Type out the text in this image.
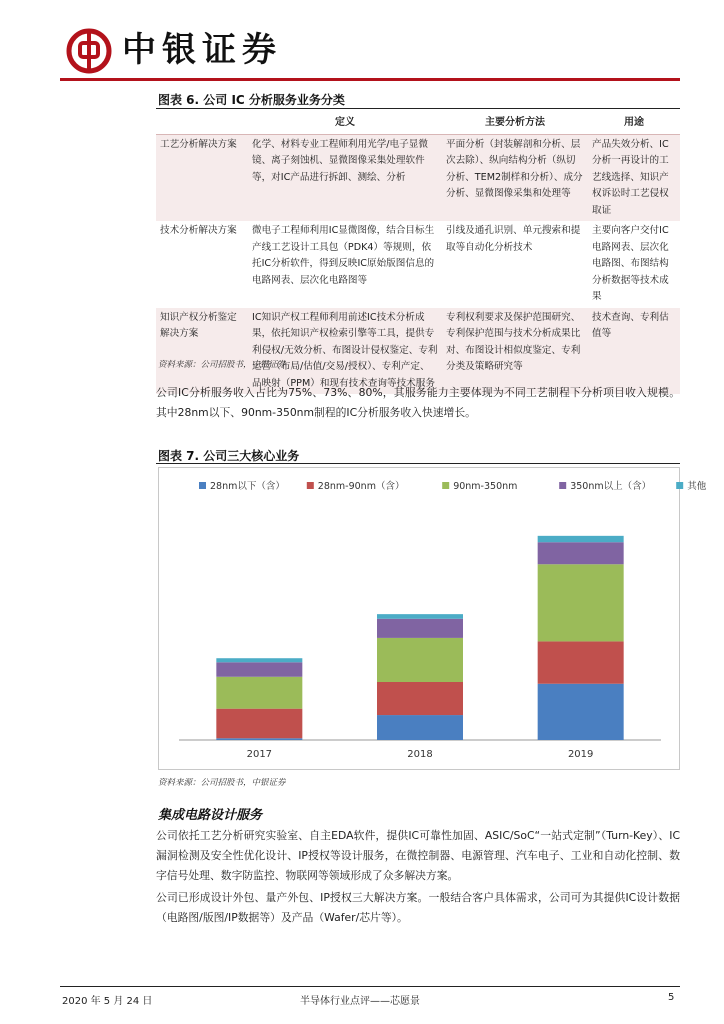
中银证券
图表 6. 公司 IC 分析服务业务分类
	定义	主要分析方法	用途
工艺分析解决方案	化学、材料专业工程师利用光学/电子显微镜、离子刻蚀机、显微图像采集处理软件等，对IC产品进行拆卸、测绘、分析	平面分析（封装解剖和分析、层次去除）、纵向结构分析（纵切分析、TEM2制样和分析）、成分分析、显微图像采集和处理等	产品失效分析、IC分析一再设计的工艺线选择、知识产权诉讼时工艺侵权取证
技术分析解决方案	微电子工程师利用IC显微图像，结合目标生产线工艺设计工具包（PDK4）等规则，依托IC分析软件，得到反映IC原始版图信息的电路网表、层次化电路图等	引线及通孔识别、单元搜索和提取等自动化分析技术	主要向客户交付IC电路网表、层次化电路图、布图结构分析数据等技术成果
知识产权分析鉴定解决方案	IC知识产权工程师利用前述IC技术分析成果，依托知识产权检索引擎等工具，提供专利侵权/无效分析、布图设计侵权鉴定、专利运营（布局/估值/交易/授权）、专利产定、品映射（PPM）和现有技术查询等技术服务	专利权利要求及保护范围研究、专利保护范围与技术分析成果比对、布图设计相似度鉴定、专利分类及策略研究等	技术查询、专利估值等
资料来源：公司招股书，中银证券
公司IC分析服务收入占比为75%、73%、80%，其服务能力主要体现为不同工艺制程下分析项目收入规模。其中28nm以下、90nm-350nm制程的IC分析服务收入快速增长。
图表 7. 公司三大核心业务
28nm以下（含）	28nm-90nm（含）	90nm-350nm	350nm以上（含）	其他
2017	2018	2019
资料来源：公司招股书，中银证券
集成电路设计服务
公司依托工艺分析研究实验室、自主EDA软件，提供IC可靠性加固、ASIC/SoC“一站式定制”（Turn-Key）、IC漏洞检测及安全性优化设计、IP授权等设计服务，在微控制器、电源管理、汽车电子、工业和自动化控制、数字信号处理、数字防监控、物联网等领域形成了众多解决方案。
公司已形成设计外包、量产外包、IP授权三大解决方案。一般结合客户具体需求，公司可为其提供IC设计数据（电路图/版图/IP数据等）及产品（Wafer/芯片等）。
2020 年 5 月 24 日	半导体行业点评——芯愿景	5
